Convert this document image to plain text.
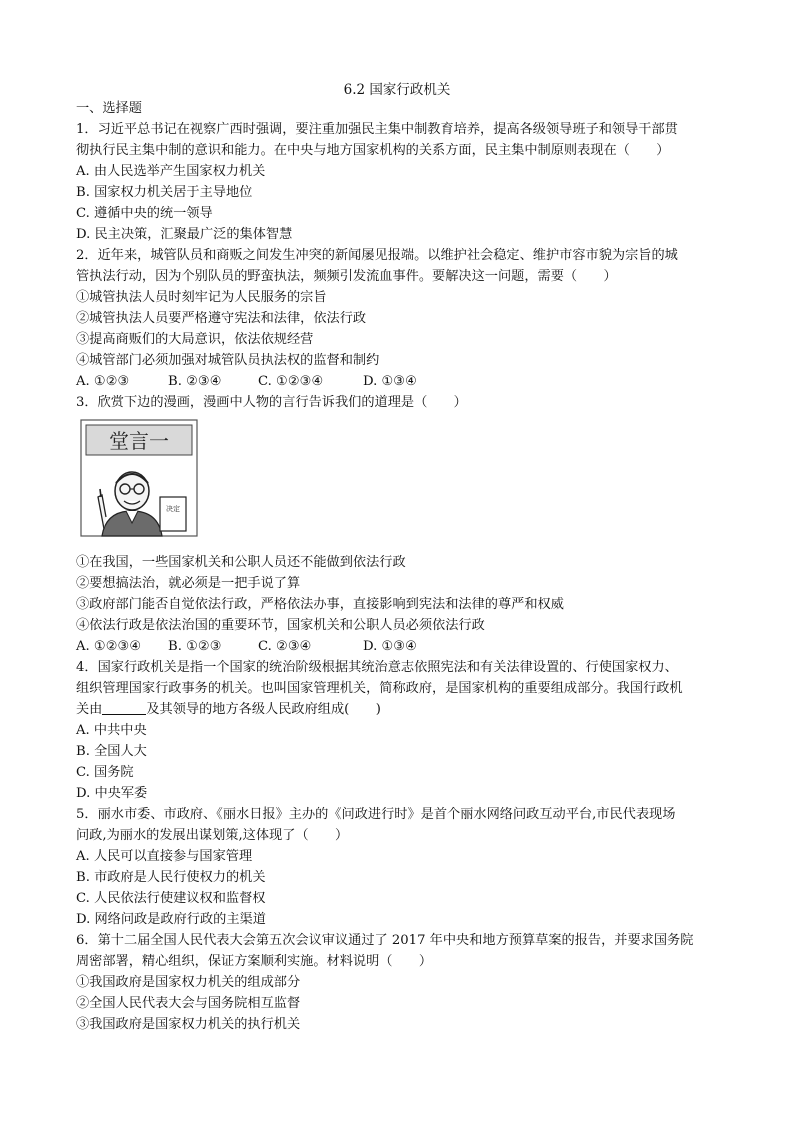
6.2 国家行政机关
一、选择题
1．习近平总书记在视察广西时强调，要注重加强民主集中制教育培养，提高各级领导班子和领导干部贯
彻执行民主集中制的意识和能力。在中央与地方国家机构的关系方面，民主集中制原则表现在（　　）
A. 由人民选举产生国家权力机关
B. 国家权力机关居于主导地位
C. 遵循中央的统一领导
D. 民主决策，汇聚最广泛的集体智慧
2．近年来，城管队员和商贩之间发生冲突的新闻屡见报端。以维护社会稳定、维护市容市貌为宗旨的城
管执法行动，因为个别队员的野蛮执法，频频引发流血事件。要解决这一问题，需要（　　）
①城管执法人员时刻牢记为人民服务的宗旨
②城管执法人员要严格遵守宪法和法律，依法行政
③提高商贩们的大局意识，依法依规经营
④城管部门必须加强对城管队员执法权的监督和制约
A. ①②③	B. ②③④	C. ①②③④	D. ①③④
3．欣赏下边的漫画，漫画中人物的言行告诉我们的道理是（　　）
堂言一
决定
①在我国，一些国家机关和公职人员还不能做到依法行政
②要想搞法治，就必须是一把手说了算
③政府部门能否自觉依法行政，严格依法办事，直接影响到宪法和法律的尊严和权威
④依法行政是依法治国的重要环节，国家机关和公职人员必须依法行政
A. ①②③④ B. ①②③	C. ②③④	D. ①③④
4．国家行政机关是指一个国家的统治阶级根据其统治意志依照宪法和有关法律设置的、行使国家权力、
组织管理国家行政事务的机关。也叫国家管理机关，简称政府，是国家机构的重要组成部分。我国行政机
关由	及其领导的地方各级人民政府组成(　　)
A. 中共中央
B. 全国人大
C. 国务院
D. 中央军委
5．丽水市委、市政府、《丽水日报》主办的《问政进行时》是首个丽水网络问政互动平台,市民代表现场
问政,为丽水的发展出谋划策,这体现了（　　）
A. 人民可以直接参与国家管理
B. 市政府是人民行使权力的机关
C. 人民依法行使建议权和监督权
D. 网络问政是政府行政的主渠道
6．第十二届全国人民代表大会第五次会议审议通过了 2017 年中央和地方预算草案的报告，并要求国务院
周密部署，精心组织，保证方案顺利实施。材料说明（　　）
①我国政府是国家权力机关的组成部分
②全国人民代表大会与国务院相互监督
③我国政府是国家权力机关的执行机关
